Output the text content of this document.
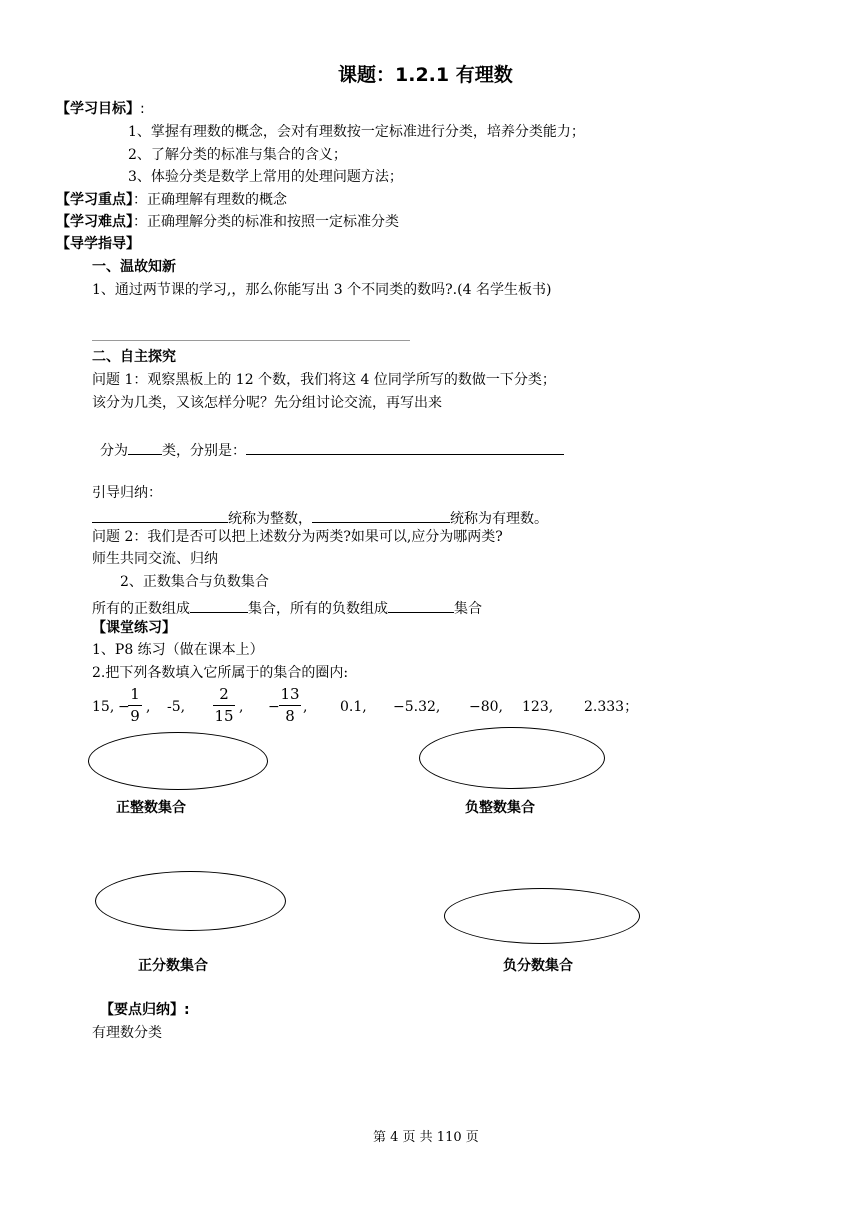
课题：1.2.1 有理数
【学习目标】:
1、掌握有理数的概念，会对有理数按一定标准进行分类，培养分类能力；
2、了解分类的标准与集合的含义；
3、体验分类是数学上常用的处理问题方法；
【学习重点】：正确理解有理数的概念
【学习难点】：正确理解分类的标准和按照一定标准分类
【导学指导】
一、温故知新
1、通过两节课的学习,，那么你能写出 3 个不同类的数吗?.(4 名学生板书)
二、自主探究
问题 1：观察黑板上的 12 个数，我们将这 4 位同学所写的数做一下分类；
该分为几类，又该怎样分呢？先分组讨论交流，再写出来
分为 类，分别是：
引导归纳：
统称为整数，	统称为有理数。
问题 2：我们是否可以把上述数分为两类?如果可以,应分为哪两类?
师生共同交流、归纳
2、正数集合与负数集合
所有的正数组成	集合，所有的负数组成	集合
【课堂练习】
1、P8 练习（做在课本上）
2.把下列各数填入它所属于的集合的圈内:
15, −
1
9 , -5,
2
15 , −
13
8 , 0.1, −5.32, −80, 123, 2.333；
正整数集合	负整数集合
正分数集合	负分数集合
【要点归纳】:
有理数分类
第 4 页 共 110 页
